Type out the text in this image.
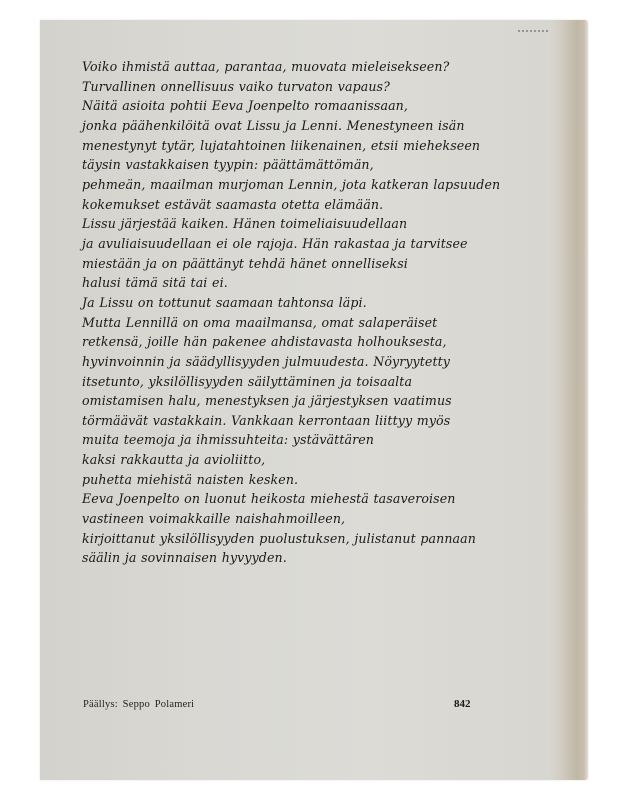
Voiko ihmistä auttaa, parantaa, muovata mieleisekseen?
Turvallinen onnellisuus vaiko turvaton vapaus?
Näitä asioita pohtii Eeva Joenpelto romaanissaan,
jonka päähenkilöitä ovat Lissu ja Lenni. Menestyneen isän
menestynyt tytär, lujatahtoinen liikenainen, etsii miehekseen
täysin vastakkaisen tyypin: päättämättömän,
pehmeän, maailman murjoman Lennin, jota katkeran lapsuuden
kokemukset estävät saamasta otetta elämään.
Lissu järjestää kaiken. Hänen toimeliaisuudellaan
ja avuliaisuudellaan ei ole rajoja. Hän rakastaa ja tarvitsee
miestään ja on päättänyt tehdä hänet onnelliseksi
halusi tämä sitä tai ei.
Ja Lissu on tottunut saamaan tahtonsa läpi.
Mutta Lennillä on oma maailmansa, omat salaperäiset
retkensä, joille hän pakenee ahdistavasta holhouksesta,
hyvinvoinnin ja säädyllisyyden julmuudesta. Nöyryytetty
itsetunto, yksilöllisyyden säilyttäminen ja toisaalta
omistamisen halu, menestyksen ja järjestyksen vaatimus
törmäävät vastakkain. Vankkaan kerrontaan liittyy myös
muita teemoja ja ihmissuhteita: ystävättären
kaksi rakkautta ja avioliitto,
puhetta miehistä naisten kesken.
Eeva Joenpelto on luonut heikosta miehestä tasaveroisen
vastineen voimakkaille naishahmoilleen,
kirjoittanut yksilöllisyyden puolustuksen, julistanut pannaan
säälin ja sovinnaisen hyvyyden.

Päällys: Seppo Polameri	842
